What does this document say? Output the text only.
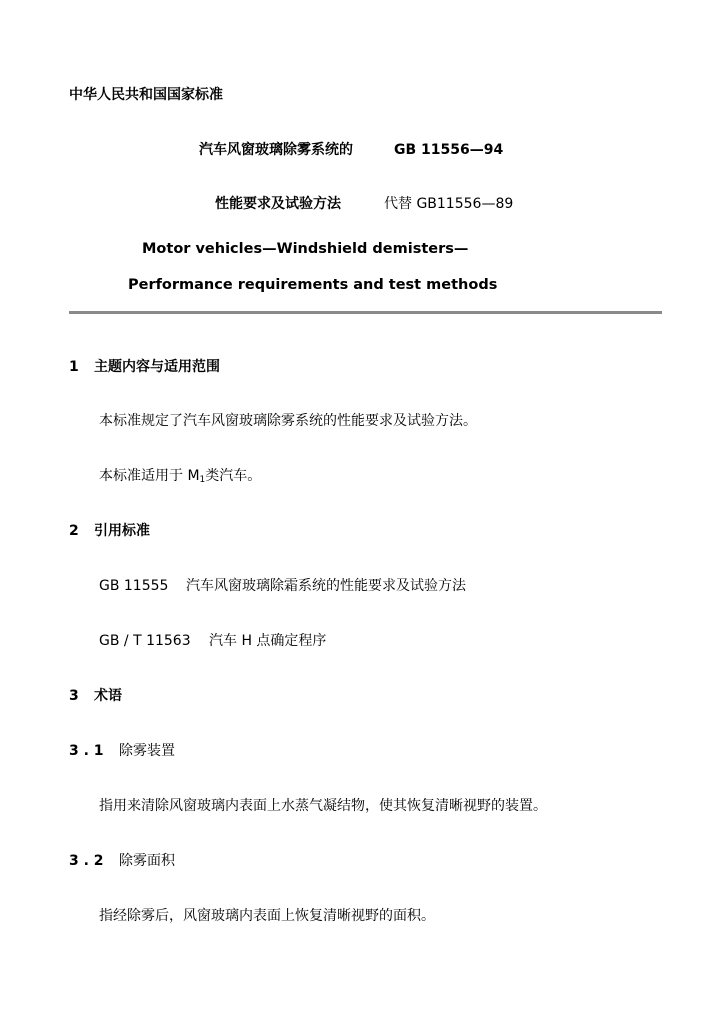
中华人民共和国国家标准
汽车风窗玻璃除雾系统的	GB 11556—94
性能要求及试验方法	代替 GB11556—89
Motor vehicles—Windshield demisters—
Performance requirements and test methods
1 主题内容与适用范围
本标准规定了汽车风窗玻璃除雾系统的性能要求及试验方法。
本标准适用于 $M_1$类汽车。
2 引用标准
GB 11555 汽车风窗玻璃除霜系统的性能要求及试验方法
GB / T 11563 汽车 H 点确定程序
3 术语
3 . 1 除雾装置
指用来清除风窗玻璃内表面上水蒸气凝结物，使其恢复清晰视野的装置。
3 . 2 除雾面积
指经除雾后，风窗玻璃内表面上恢复清晰视野的面积。
